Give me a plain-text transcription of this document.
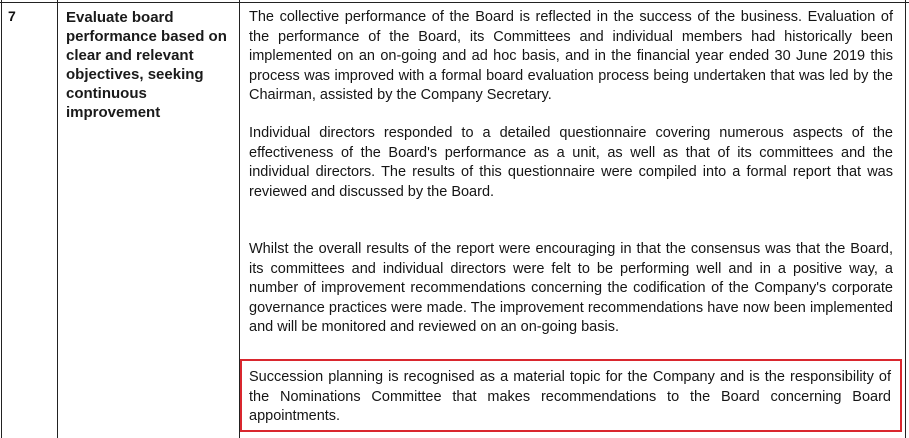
7	Evaluate board performance based on clear and relevant objectives, seeking continuous improvement
The collective performance of the Board is reflected in the success of the business. Evaluation of the performance of the Board, its Committees and individual members had historically been implemented on an on-going and ad hoc basis, and in the financial year ended 30 June 2019 this process was improved with a formal board evaluation process being undertaken that was led by the Chairman, assisted by the Company Secretary.
Individual directors responded to a detailed questionnaire covering numerous aspects of the effectiveness of the Board's performance as a unit, as well as that of its committees and the individual directors. The results of this questionnaire were compiled into a formal report that was reviewed and discussed by the Board.
Whilst the overall results of the report were encouraging in that the consensus was that the Board, its committees and individual directors were felt to be performing well and in a positive way, a number of improvement recommendations concerning the codification of the Company's corporate governance practices were made. The improvement recommendations have now been implemented and will be monitored and reviewed on an on-going basis.
Succession planning is recognised as a material topic for the Company and is the responsibility of the Nominations Committee that makes recommendations to the Board concerning Board appointments.
